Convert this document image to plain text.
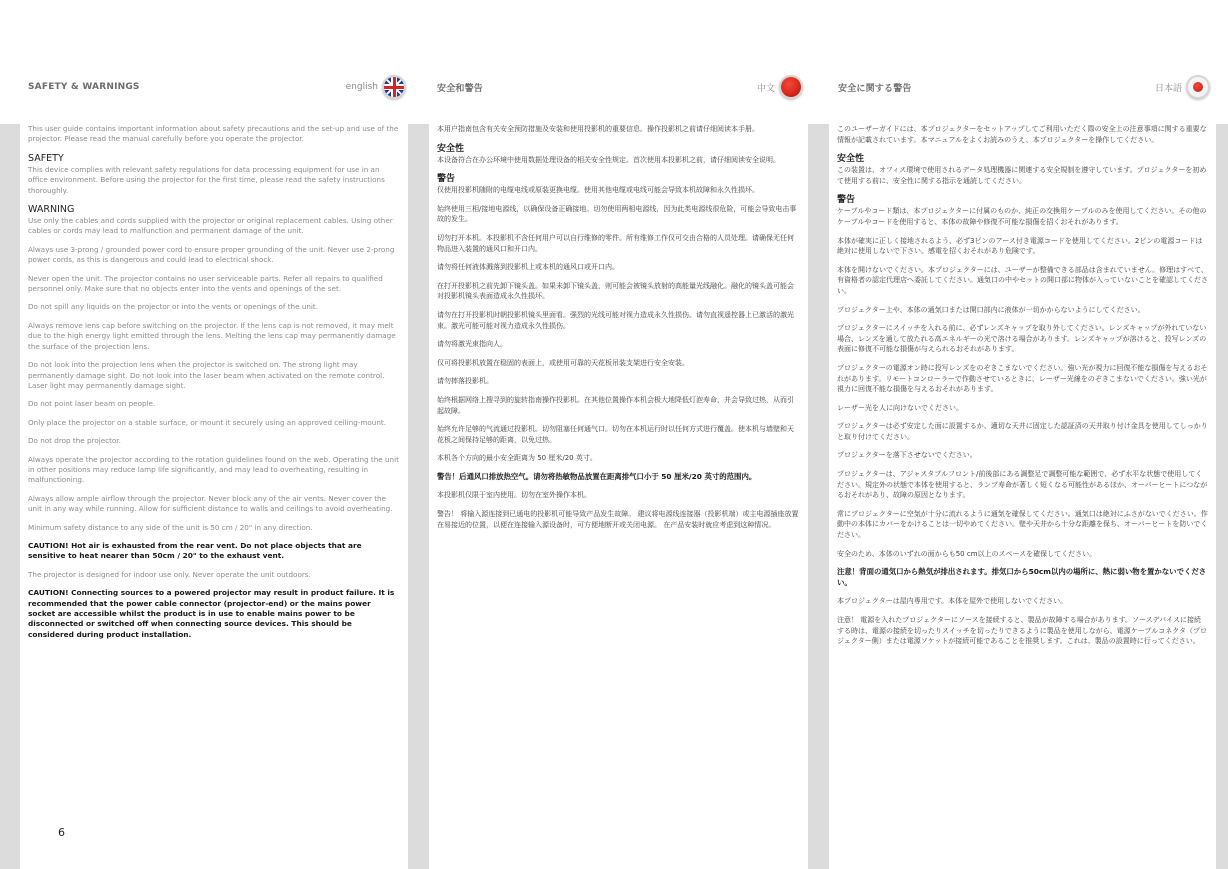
SAFETY & WARNINGS	english	安全和警告	中文	安全に関する警告	日本語

This user guide contains important information about safety precautions and the set-up and use of the projector. Please read the manual carefully before you operate the projector.

SAFETY

This device complies with relevant safety regulations for data processing equipment for use in an office environment. Before using the projector for the first time, please read the safety instructions thoroughly.

WARNING

Use only the cables and cords supplied with the projector or original replacement cables. Using other cables or cords may lead to malfunction and permanent damage of the unit.

Always use 3-prong / grounded power cord to ensure proper grounding of the unit. Never use 2-prong power cords, as this is dangerous and could lead to electrical shock.

Never open the unit. The projector contains no user serviceable parts. Refer all repairs to qualified personnel only. Make sure that no objects enter into the vents and openings of the set.

Do not spill any liquids on the projector or into the vents or openings of the unit.

Always remove lens cap before switching on the projector. If the lens cap is not removed, it may melt due to the high energy light emitted through the lens. Melting the lens cap may permanently damage the surface of the projection lens.

Do not look into the projection lens when the projector is switched on. The strong light may permanently damage sight. Do not look into the laser beam when activated on the remote control. Laser light may permanently damage sight.

Do not point laser beam on people.

Only place the projector on a stable surface, or mount it securely using an approved ceiling-mount.

Do not drop the projector.

Always operate the projector according to the rotation guidelines found on the web. Operating the unit in other positions may reduce lamp life significantly, and may lead to overheating, resulting in malfunctioning.

Always allow ample airflow through the projector. Never block any of the air vents. Never cover the unit in any way while running. Allow for sufficient distance to walls and ceilings to avoid overheating.

Minimum safety distance to any side of the unit is 50 cm / 20" in any direction.

CAUTION! Hot air is exhausted from the rear vent. Do not place objects that are sensitive to heat nearer than 50cm / 20" to the exhaust vent.

The projector is designed for indoor use only. Never operate the unit outdoors.

CAUTION! Connecting sources to a powered projector may result in product failure. It is recommended that the power cable connector (projector-end) or the mains power socket are accessible whilst the product is in use to enable mains power to be disconnected or switched off when connecting source devices. This should be considered during product installation.

本用户指南包含有关安全预防措施及安装和使用投影机的重要信息。操作投影机之前请仔细阅读本手册。

安全性

本设备符合在办公环境中使用数据处理设备的相关安全性规定。首次使用本投影机之前，请仔细阅读安全说明。

警告

仅使用投影机随附的电缆电线或原装更换电缆。使用其他电缆或电线可能会导致本机故障和永久性损坏。

始终使用三相/接地电源线，以确保设备正确接地。切勿使用两相电源线，因为此类电源线很危险，可能会导致电击事故的发生。

切勿打开本机。本投影机不含任何用户可以自行维修的零件。所有维修工作仅可交由合格的人员处理。请确保无任何物品进入装置的通风口和开口内。

请勿将任何液体溅落到投影机上或本机的通风口或开口内。

在打开投影机之前先卸下镜头盖。如果未卸下镜头盖，则可能会被镜头放射的高能量光线融化。融化的镜头盖可能会对投影机镜头表面造成永久性损坏。

请勿在打开投影机时朝投影机镜头里面看。强烈的光线可能对视力造成永久性损伤。请勿直视遥控器上已激活的激光束。激光可能可能对视力造成永久性损伤。

请勿将激光束指向人。

仅可将投影机放置在稳固的表面上，或使用可靠的天花板吊装支架进行安全安装。

请勿摔落投影机。

始终根据网络上搜寻到的旋转指南操作投影机。在其他位置操作本机会极大地降低灯泡寿命，并会导致过热，从而引起故障。

始终允许足够的气流通过投影机。切勿阻塞任何通气口。切勿在本机运行时以任何方式进行覆盖。使本机与墙壁和天花板之间保持足够的距离，以免过热。

本机各个方向的最小安全距离为 50 厘米/20 英寸。

警告！后通风口排放热空气。请勿将热敏物品放置在距离排气口小于 50 厘米/20 英寸的范围内。

本投影机仅限于室内使用。切勿在室外操作本机。

警告！ 将输入源连接到已通电的投影机可能导致产品发生故障。 建议将电源线连接器（投影机端）或主电源插座放置在易接近的位置，以便在连接输入源设备时，可方便地断开或关闭电源。 在产品安装时就应考虑到这种情况。

このユーザーガイドには、本プロジェクターをセットアップしてご利用いただく際の安全上の注意事項に関する重要な情報が記載されています。本マニュアルをよくお読みのうえ、本プロジェクターを操作してください。

安全性

この装置は、オフィス環境で使用されるデータ処理機器に関連する安全規制を遵守しています。プロジェクターを初めて使用する前に、安全性に関する指示を通読してください。

警告

ケーブルやコード類は、本プロジェクターに付属のものか、純正の交換用ケーブルのみを使用してください。その他のケーブルやコードを使用すると、本体の故障や修復不可能な損傷を招くおそれがあります。

本体が確実に正しく接地されるよう、必ず3ピンのアース付き電源コードを使用してください。2ピンの電源コードは絶対に使用しないで下さい。感電を招くおそれがあり危険です。

本体を開けないでください。本プロジェクターには、ユーザーが整備できる部品は含まれていません。修理はすべて、有資格者の認定代理店へ委託してください。通気口の中やセットの開口部に物体が入っていないことを確認してください。

プロジェクター上や、本体の通気口または開口部内に液体が一切かからないようにしてください。

プロジェクターにスイッチを入れる前に、必ずレンズキャップを取り外してください。レンズキャップが外れていない場合、レンズを通して放たれる高エネルギーの光で溶ける場合があります。レンズキャップが溶けると、投写レンズの表面に修復不可能な損傷が与えられるおそれがあります。

プロジェクターの電源オン時に投写レンズをのぞきこまないでください。強い光が視力に回復不能な損傷を与えるおそれがあります。リモートコンローラーで作動させているときに、レーザー光線をのぞきこまないでください。強い光が視力に回復不能な損傷を与えるおそれがあります。

レーザー光を人に向けないでください。

プロジェクターは必ず安定した面に設置するか、適切な天井に固定した認証済の天井取り付け金具を使用してしっかりと取り付けてください。

プロジェクターを落下させないでください。

プロジェクターは、アジャスタブルフロント/前後部にある調整足で調整可能な範囲で、必ず水平な状態で使用してください。規定外の状態で本体を使用すると、ランプ寿命が著しく短くなる可能性があるほか、オーバーヒートにつながるおそれがあり、故障の原因となります。

常にプロジェクターに空気が十分に流れるように通気を確保してください。通気口は絶対にふさがないでください。作動中の本体にカバーをかけることは一切やめてください。壁や天井から十分な距離を保ち、オーバーヒートを防いでください。

安全のため、本体のいずれの面からも50 cm以上のスペースを確保してください。

注意！背面の通気口から熱気が排出されます。排気口から50cm以内の場所に、熱に弱い物を置かないでください。

本プロジェクターは屋内専用です。本体を屋外で使用しないでください。

注意！ 電源を入れたプロジェクターにソースを接続すると、製品が故障する場合があります。ソースデバイスに接続する時は、電源の接続を切ったりスイッチを切ったりできるように製品を使用しながら、電源ケーブルコネクタ（プロジェクター側）または電源ソケットが接続可能であることを推奨します。これは、製品の設置時に行ってください。

6
